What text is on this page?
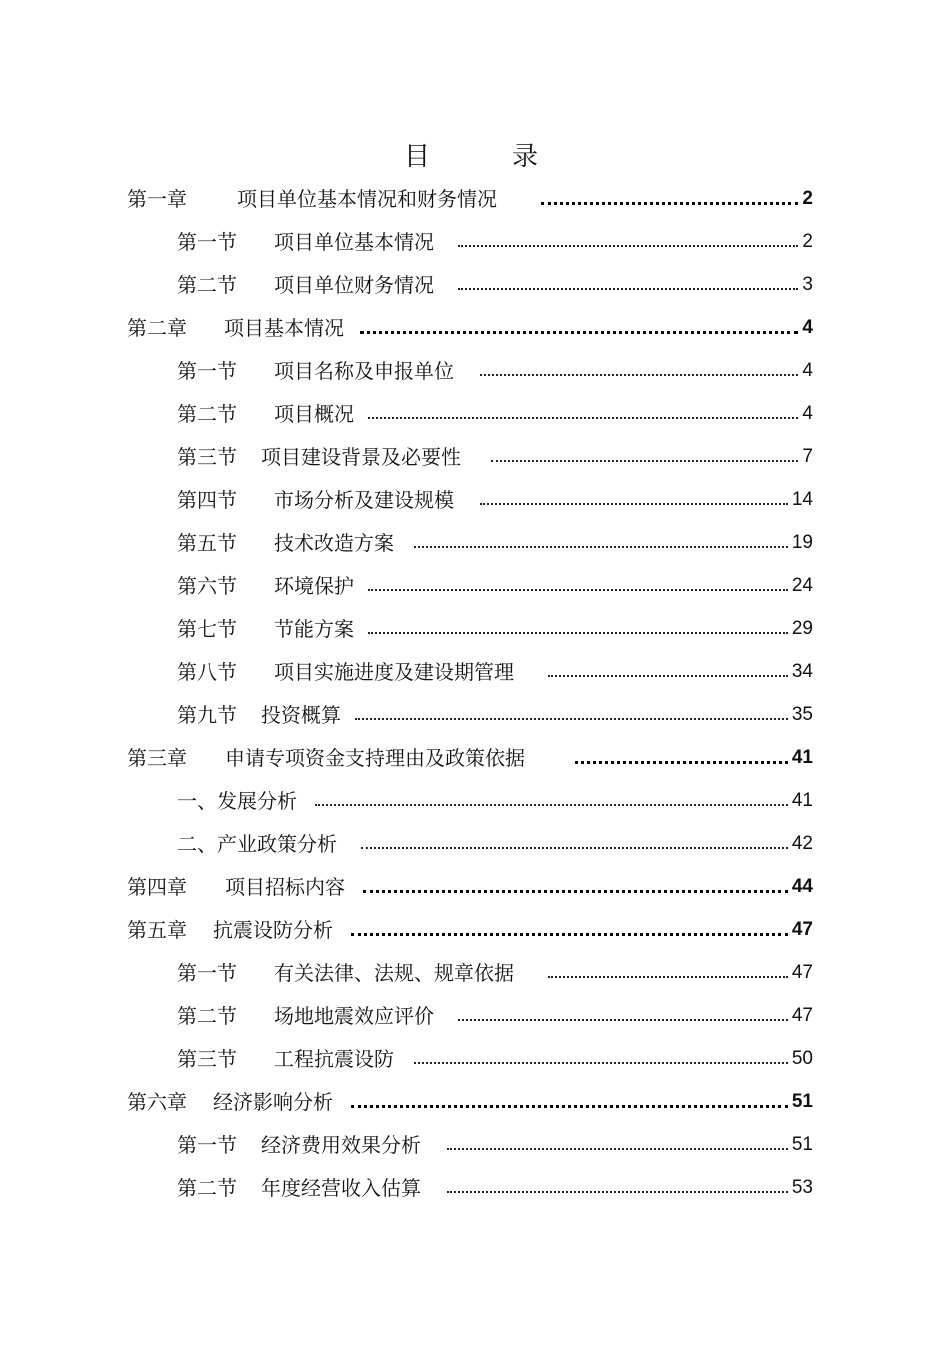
目　录
第一章	项目单位基本情况和财务情况	2
第一节	项目单位基本情况	2
第二节	项目单位财务情况	3
第二章	项目基本情况	4
第一节	项目名称及申报单位	4
第二节	项目概况	4
第三节	项目建设背景及必要性	7
第四节	市场分析及建设规模	14
第五节	技术改造方案	19
第六节	环境保护	24
第七节	节能方案	29
第八节	项目实施进度及建设期管理	34
第九节	投资概算	35
第三章	申请专项资金支持理由及政策依据	41
一、发展分析	41
二、产业政策分析	42
第四章	项目招标内容	44
第五章	抗震设防分析	47
第一节	有关法律、法规、规章依据	47
第二节	场地地震效应评价	47
第三节	工程抗震设防	50
第六章	经济影响分析	51
第一节	经济费用效果分析	51
第二节	年度经营收入估算	53
